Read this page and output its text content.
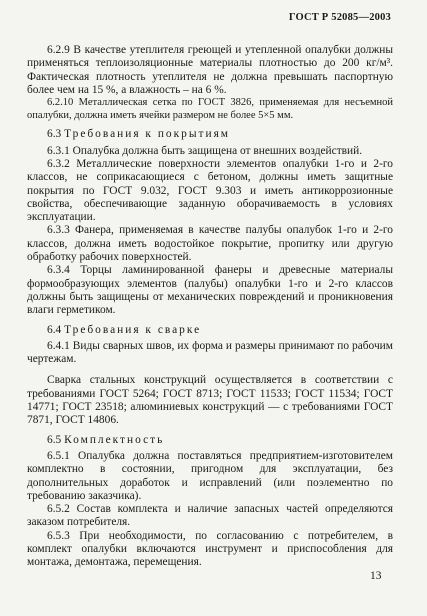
ГОСТ Р 52085—2003

6.2.9 В качестве утеплителя греющей и утепленной опалубки должны применяться теплоизоляционные материалы плотностью до 200 кг/м³. Фактическая плотность утеплителя не должна превышать паспортную более чем на 15 %, а влажность – на 6 %.

6.2.10 Металлическая сетка по ГОСТ 3826, применяемая для несъемной опалубки, должна иметь ячейки размером не более 5×5 мм.

6.3 Требования к покрытиям

6.3.1 Опалубка должна быть защищена от внешних воздействий.

6.3.2 Металлические поверхности элементов опалубки 1-го и 2-го классов, не соприкасающиеся с бетоном, должны иметь защитные покрытия по ГОСТ 9.032, ГОСТ 9.303 и иметь антикоррозионные свойства, обеспечивающие заданную оборачиваемость в условиях эксплуатации.

6.3.3 Фанера, применяемая в качестве палубы опалубок 1-го и 2-го классов, должна иметь водостойкое покрытие, пропитку или другую обработку рабочих поверхностей.

6.3.4 Торцы ламинированной фанеры и древесные материалы формообразующих элементов (палубы) опалубки 1-го и 2-го классов должны быть защищены от механических повреждений и проникновения влаги герметиком.

6.4 Требования к сварке

6.4.1 Виды сварных швов, их форма и размеры принимают по рабочим чертежам.

Сварка стальных конструкций осуществляется в соответствии с требованиями ГОСТ 5264; ГОСТ 8713; ГОСТ 11533; ГОСТ 11534; ГОСТ 14771; ГОСТ 23518; алюминиевых конструкций — с требованиями ГОСТ 7871, ГОСТ 14806.

6.5 Комплектность

6.5.1 Опалубка должна поставляться предприятием-изготовителем комплектно в состоянии, пригодном для эксплуатации, без дополнительных доработок и исправлений (или поэлементно по требованию заказчика).

6.5.2 Состав комплекта и наличие запасных частей определяются заказом потребителя.

6.5.3 При необходимости, по согласованию с потребителем, в комплект опалубки включаются инструмент и приспособления для монтажа, демонтажа, перемещения.

13
